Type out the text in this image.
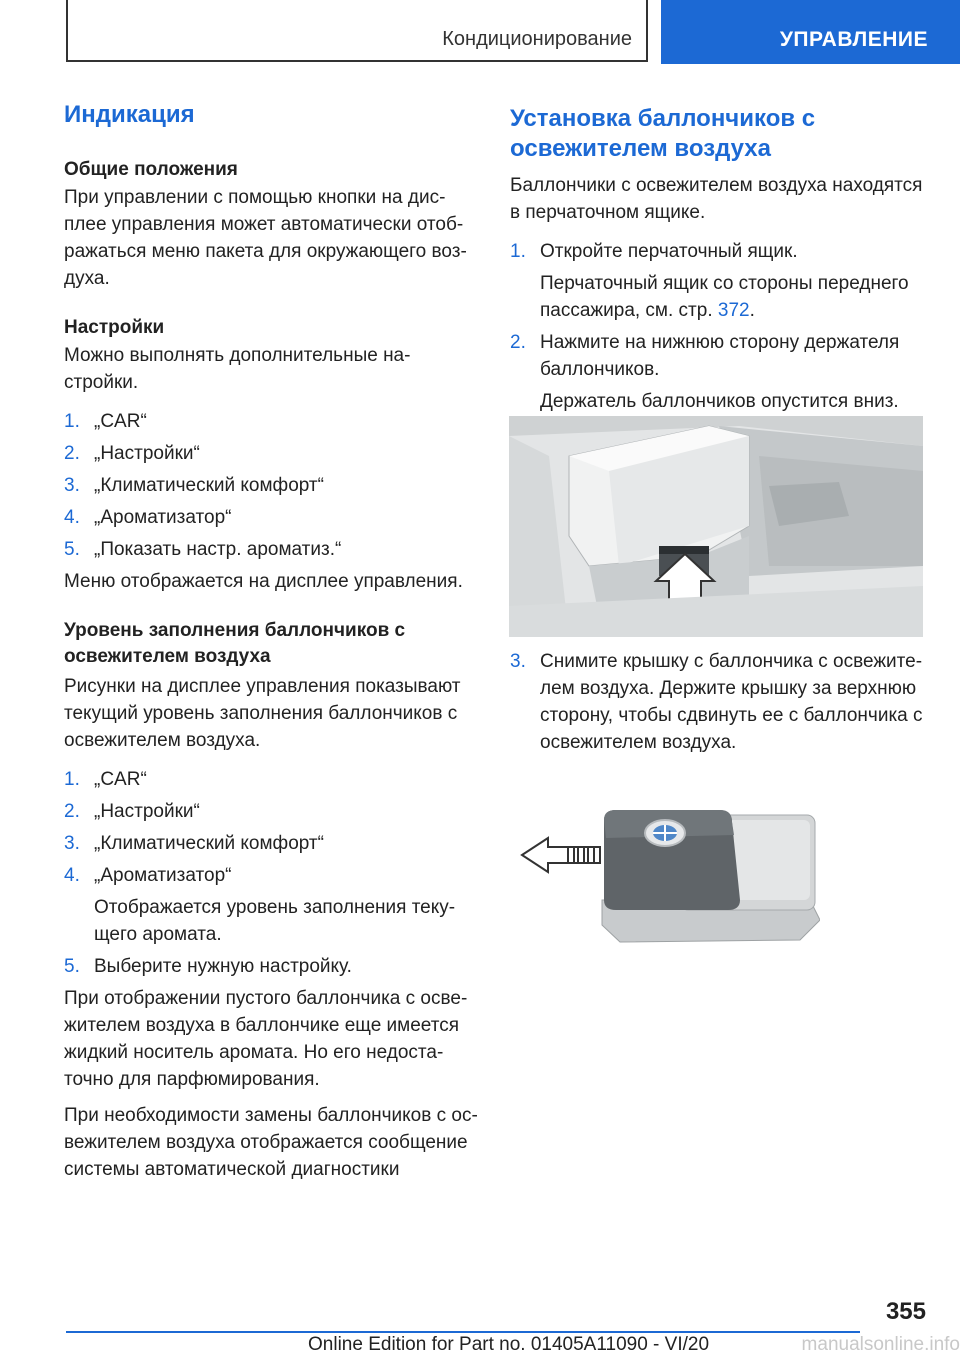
Кондиционирование	УПРАВЛЕНИЕ
Индикация
Общие положения

При управлении с помощью кнопки на дис-

плее управления может автоматически отоб-

ражаться меню пакета для окружающего воз-

духа.

Настройки

Можно выполнять дополнительные на-

стройки.

1. „CAR“
2. „Настройки“
3. „Климатический комфорт“
4. „Ароматизатор“
5. „Показать настр. ароматиз.“

Меню отображается на дисплее управления.

Уровень заполнения баллончиков с
освежителем воздуха

Рисунки на дисплее управления показывают

текущий уровень заполнения баллончиков с

освежителем воздуха.

1. „CAR“
2. „Настройки“
3. „Климатический комфорт“
4. „Ароматизатор“

Отображается уровень заполнения теку-

щего аромата.

5. Выберите нужную настройку.

При отображении пустого баллончика с осве-

жителем воздуха в баллончике еще имеется

жидкий носитель аромата. Но его недоста-

точно для парфюмирования.

При необходимости замены баллончиков с ос-

вежителем воздуха отображается сообщение

системы автоматической диагностики

Установка баллончиков с
освежителем воздуха

Баллончики с освежителем воздуха находятся

в перчаточном ящике.

1. Откройте перчаточный ящик.

Перчаточный ящик со стороны переднего

пассажира, см. стр. 372.

2. Нажмите на нижнюю сторону держателя
баллончиков.

Держатель баллончиков опустится вниз.

3. Снимите крышку с баллончика с освежите-
лем воздуха. Держите крышку за верхнюю
сторону, чтобы сдвинуть ее с баллончика с
освежителем воздуха.
355
Online Edition for Part no. 01405A11090 - VI/20	manualsonline.info
